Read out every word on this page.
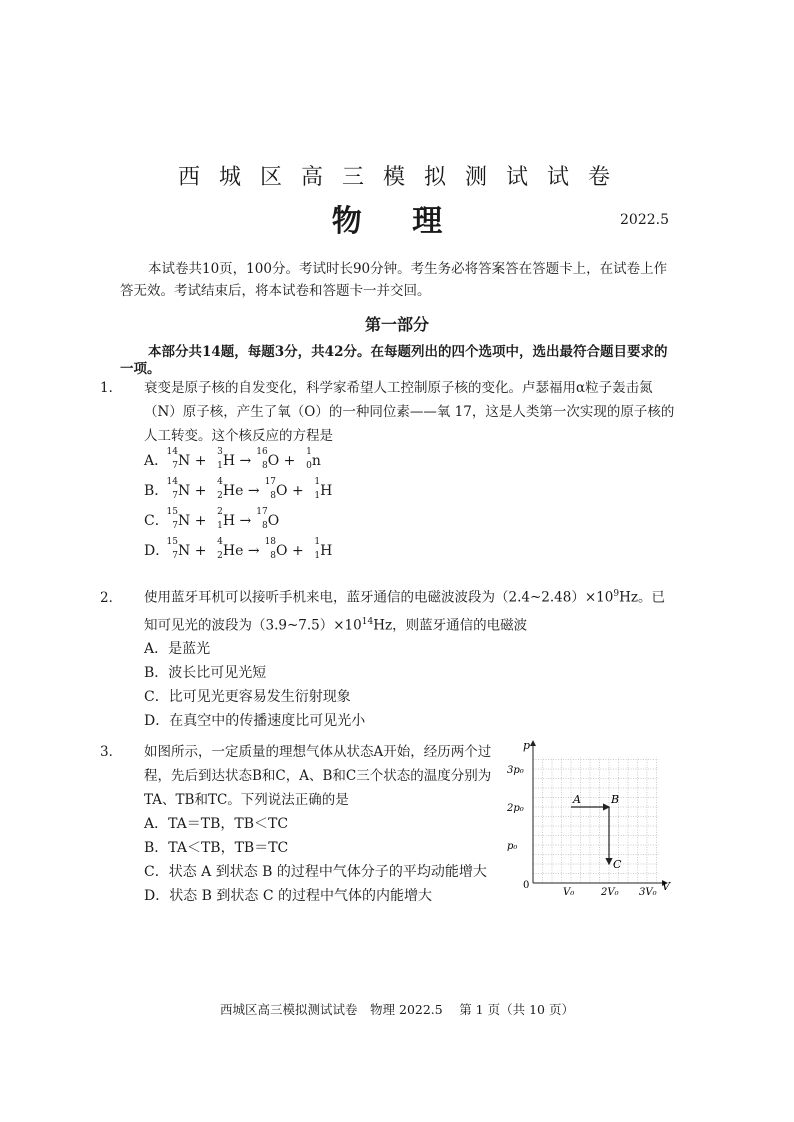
西 城 区 高 三 模 拟 测 试 试 卷
物 理	2022.5
本试卷共10页，100分。考试时长90分钟。考生务必将答案答在答题卡上，在试卷上作答无效。考试结束后，将本试卷和答题卡一并交回。
第一部分
本部分共14题，每题3分，共42分。在每题列出的四个选项中，选出最符合题目要求的一项。
1． 衰变是原子核的自发变化，科学家希望人工控制原子核的变化。卢瑟福用α粒子轰击氮（N）原子核，产生了氧（O）的一种同位素——氧 17，这是人类第一次实现的原子核的人工转变。这个核反应的方程是
A．
14
7 N +
3
1 H →
16
8 O +
1
0 n
B．
14
7 N +
4
2 He →
17
8 O +
1
1 H
C．
15
7 N +
2
1 H →
17
8 O
D．
15
7 N +
4
2 He →
18
8 O +
1
1 H
2． 使用蓝牙耳机可以接听手机来电，蓝牙通信的电磁波波段为$(2.4\sim 2.48)\times 10^9Hz$。已知可见光的波段为$(3.9\sim 7.5)\times 10^{14}Hz$，则蓝牙通信的电磁波
A．是蓝光
B．波长比可见光短
C．比可见光更容易发生衍射现象
D．在真空中的传播速度比可见光小
3． 如图所示，一定质量的理想气体从状态A开始，经历两个过程，先后到达状态B和C，A、B和C三个状态的温度分别为TA、TB和TC。下列说法正确的是
A．TA＝TB，TB＜TC
B．TA＜TB，TB＝TC
C．状态 A 到状态 B 的过程中气体分子的平均动能增大
D．状态 B 到状态 C 的过程中气体的内能增大
p
V
0
p₀
2p₀
3p₀
V₀	2V₀ 3V₀
A	B
C
西城区高三模拟测试试卷　物理 2022.5　 第 1 页（共 10 页）
